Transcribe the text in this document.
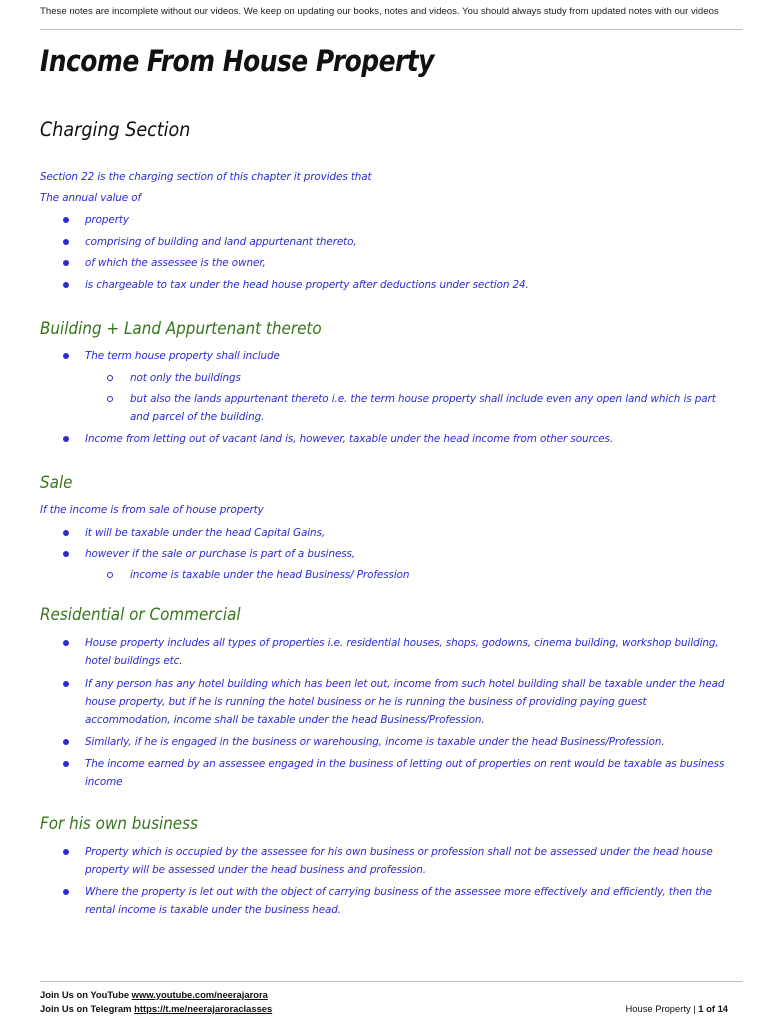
These notes are incomplete without our videos. We keep on updating our books, notes and videos. You should always study from updated notes with our videos
Income From House Property
Charging Section
Section 22 is the charging section of this chapter it provides that
The annual value of
property
comprising of building and land appurtenant thereto,
of which the assessee is the owner,
is chargeable to tax under the head house property after deductions under section 24.
Building + Land Appurtenant thereto
The term house property shall include
not only the buildings
but also the lands appurtenant thereto i.e. the term house property shall include even any open land which is part and parcel of the building.
Income from letting out of vacant land is, however, taxable under the head income from other sources.
Sale
If the income is from sale of house property
it will be taxable under the head Capital Gains,
however if the sale or purchase is part of a business,
income is taxable under the head Business/ Profession
Residential or Commercial
House property includes all types of properties i.e. residential houses, shops, godowns, cinema building, workshop building, hotel buildings etc.
If any person has any hotel building which has been let out, income from such hotel building shall be taxable under the head house property, but if he is running the hotel business or he is running the business of providing paying guest accommodation, income shall be taxable under the head Business/Profession.
Similarly, if he is engaged in the business or warehousing, income is taxable under the head Business/Profession.
The income earned by an assessee engaged in the business of letting out of properties on rent would be taxable as business income
For his own business
Property which is occupied by the assessee for his own business or profession shall not be assessed under the head house property will be assessed under the head business and profession.
Where the property is let out with the object of carrying business of the assessee more effectively and efficiently, then the rental income is taxable under the business head.
Join Us on YouTube www.youtube.com/neerajarora
Join Us on Telegram https://t.me/neerajaroraclasses	House Property | 1 of 14
